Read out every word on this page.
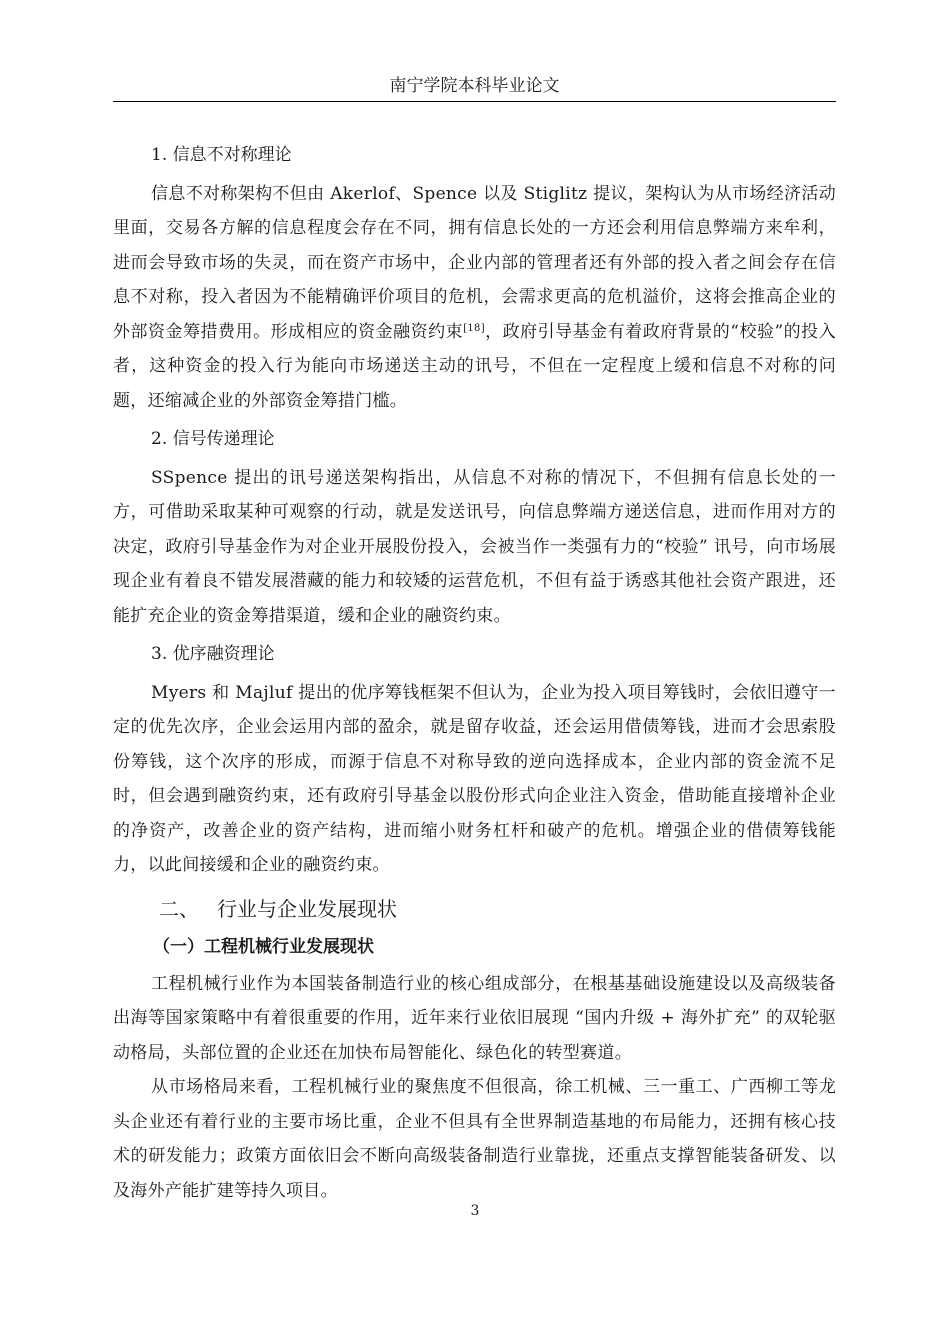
南宁学院本科毕业论文

1. 信息不对称理论

信息不对称架构不但由 Akerlof、Spence 以及 Stiglitz 提议，架构认为从市场经济活动里面，交易各方解的信息程度会存在不同，拥有信息长处的一方还会利用信息弊端方来牟利，进而会导致市场的失灵，而在资产市场中，企业内部的管理者还有外部的投入者之间会存在信息不对称，投入者因为不能精确评价项目的危机，会需求更高的危机溢价，这将会推高企业的外部资金筹措费用。形成相应的资金融资约束[18]，政府引导基金有着政府背景的“校验”的投入者，这种资金的投入行为能向市场递送主动的讯号，不但在一定程度上缓和信息不对称的问题，还缩减企业的外部资金筹措门槛。

2. 信号传递理论

SSpence 提出的讯号递送架构指出，从信息不对称的情况下，不但拥有信息长处的一方，可借助采取某种可观察的行动，就是发送讯号，向信息弊端方递送信息，进而作用对方的决定，政府引导基金作为对企业开展股份投入，会被当作一类强有力的“校验” 讯号，向市场展现企业有着良不错发展潜藏的能力和较矮的运营危机，不但有益于诱惑其他社会资产跟进，还能扩充企业的资金筹措渠道，缓和企业的融资约束。

3. 优序融资理论

Myers 和 Majluf 提出的优序筹钱框架不但认为，企业为投入项目筹钱时，会依旧遵守一定的优先次序，企业会运用内部的盈余，就是留存收益，还会运用借债筹钱，进而才会思索股份筹钱，这个次序的形成，而源于信息不对称导致的逆向选择成本，企业内部的资金流不足时，但会遇到融资约束，还有政府引导基金以股份形式向企业注入资金，借助能直接增补企业的净资产，改善企业的资产结构，进而缩小财务杠杆和破产的危机。增强企业的借债筹钱能力，以此间接缓和企业的融资约束。

二、 行业与企业发展现状
（一）工程机械行业发展现状

工程机械行业作为本国装备制造行业的核心组成部分，在根基基础设施建设以及高级装备出海等国家策略中有着很重要的作用，近年来行业依旧展现 “国内升级 + 海外扩充” 的双轮驱动格局，头部位置的企业还在加快布局智能化、绿色化的转型赛道。

从市场格局来看，工程机械行业的聚焦度不但很高，徐工机械、三一重工、广西柳工等龙头企业还有着行业的主要市场比重，企业不但具有全世界制造基地的布局能力，还拥有核心技术的研发能力；政策方面依旧会不断向高级装备制造行业靠拢，还重点支撑智能装备研发、以及海外产能扩建等持久项目。

3
